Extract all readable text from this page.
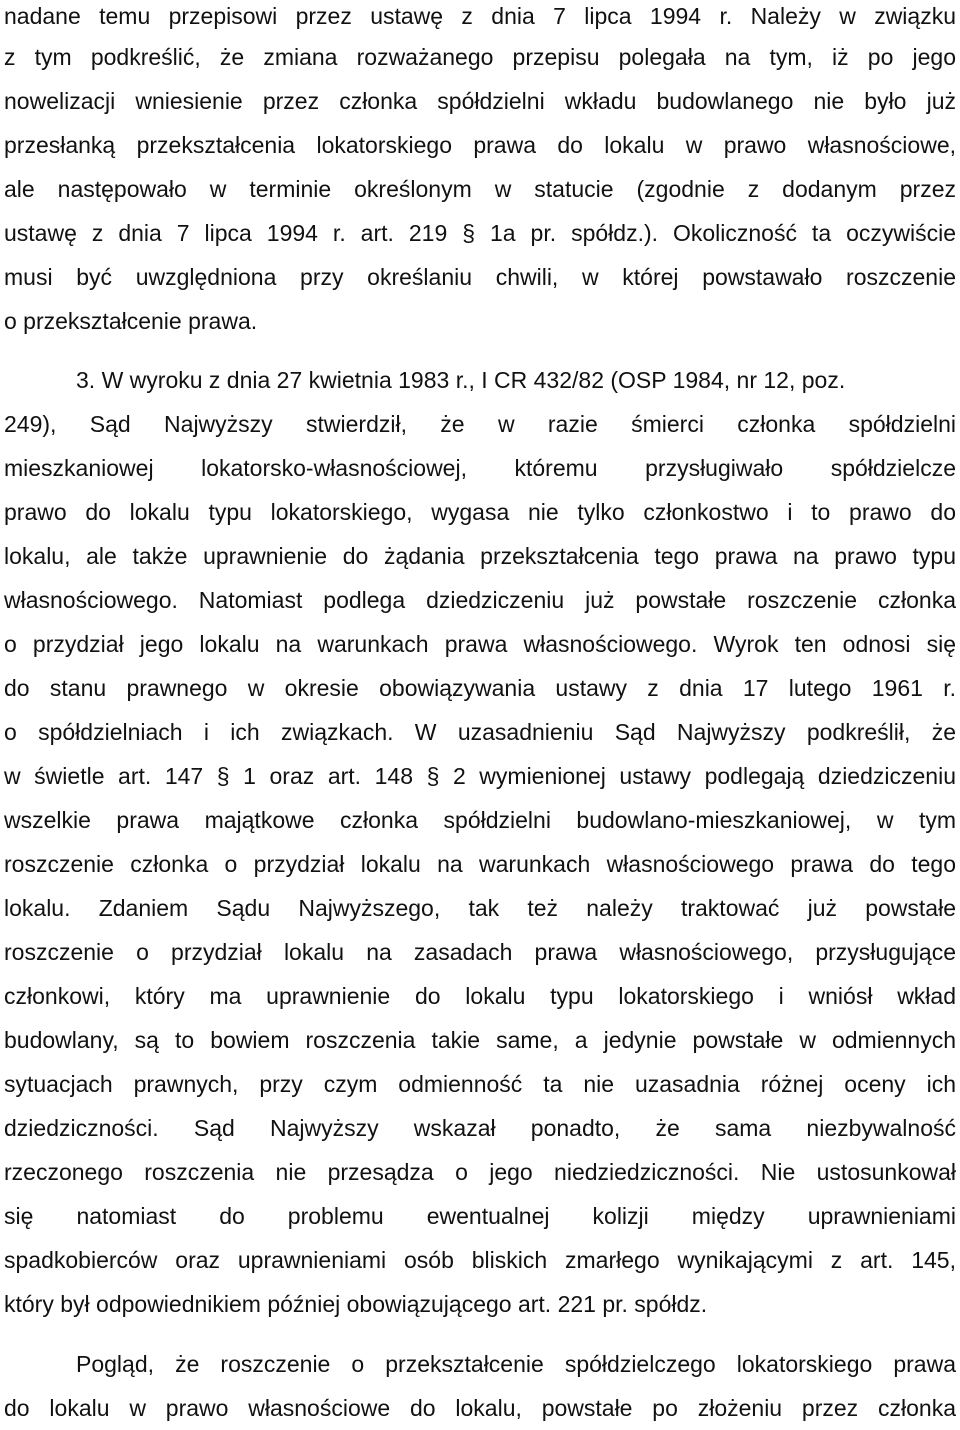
nadane temu przepisowi przez ustawę z dnia 7 lipca 1994 r. Należy w związku
z tym podkreślić, że zmiana rozważanego przepisu polegała na tym, iż po jego
nowelizacji wniesienie przez członka spółdzielni wkładu budowlanego nie było już
przesłanką przekształcenia lokatorskiego prawa do lokalu w prawo własnościowe,
ale następowało w terminie określonym w statucie (zgodnie z dodanym przez
ustawę z dnia 7 lipca 1994 r. art. 219 § 1a pr. spółdz.). Okoliczność ta oczywiście
musi być uwzględniona przy określaniu chwili, w której powstawało roszczenie
o przekształcenie prawa.
3. W wyroku z dnia 27 kwietnia 1983 r., I CR 432/82 (OSP 1984, nr 12, poz.
249), Sąd Najwyższy stwierdził, że w razie śmierci członka spółdzielni
mieszkaniowej lokatorsko-własnościowej, któremu przysługiwało spółdzielcze
prawo do lokalu typu lokatorskiego, wygasa nie tylko członkostwo i to prawo do
lokalu, ale także uprawnienie do żądania przekształcenia tego prawa na prawo typu
własnościowego. Natomiast podlega dziedziczeniu już powstałe roszczenie członka
o przydział jego lokalu na warunkach prawa własnościowego. Wyrok ten odnosi się
do stanu prawnego w okresie obowiązywania ustawy z dnia 17 lutego 1961 r.
o spółdzielniach i ich związkach. W uzasadnieniu Sąd Najwyższy podkreślił, że
w świetle art. 147 § 1 oraz art. 148 § 2 wymienionej ustawy podlegają dziedziczeniu
wszelkie prawa majątkowe członka spółdzielni budowlano-mieszkaniowej, w tym
roszczenie członka o przydział lokalu na warunkach własnościowego prawa do tego
lokalu. Zdaniem Sądu Najwyższego, tak też należy traktować już powstałe
roszczenie o przydział lokalu na zasadach prawa własnościowego, przysługujące
członkowi, który ma uprawnienie do lokalu typu lokatorskiego i wniósł wkład
budowlany, są to bowiem roszczenia takie same, a jedynie powstałe w odmiennych
sytuacjach prawnych, przy czym odmienność ta nie uzasadnia różnej oceny ich
dziedziczności. Sąd Najwyższy wskazał ponadto, że sama niezbywalność
rzeczonego roszczenia nie przesądza o jego niedziedziczności. Nie ustosunkował
się natomiast do problemu ewentualnej kolizji między uprawnieniami
spadkobierców oraz uprawnieniami osób bliskich zmarłego wynikającymi z art. 145,
który był odpowiednikiem później obowiązującego art. 221 pr. spółdz.
Pogląd, że roszczenie o przekształcenie spółdzielczego lokatorskiego prawa
do lokalu w prawo własnościowe do lokalu, powstałe po złożeniu przez członka
